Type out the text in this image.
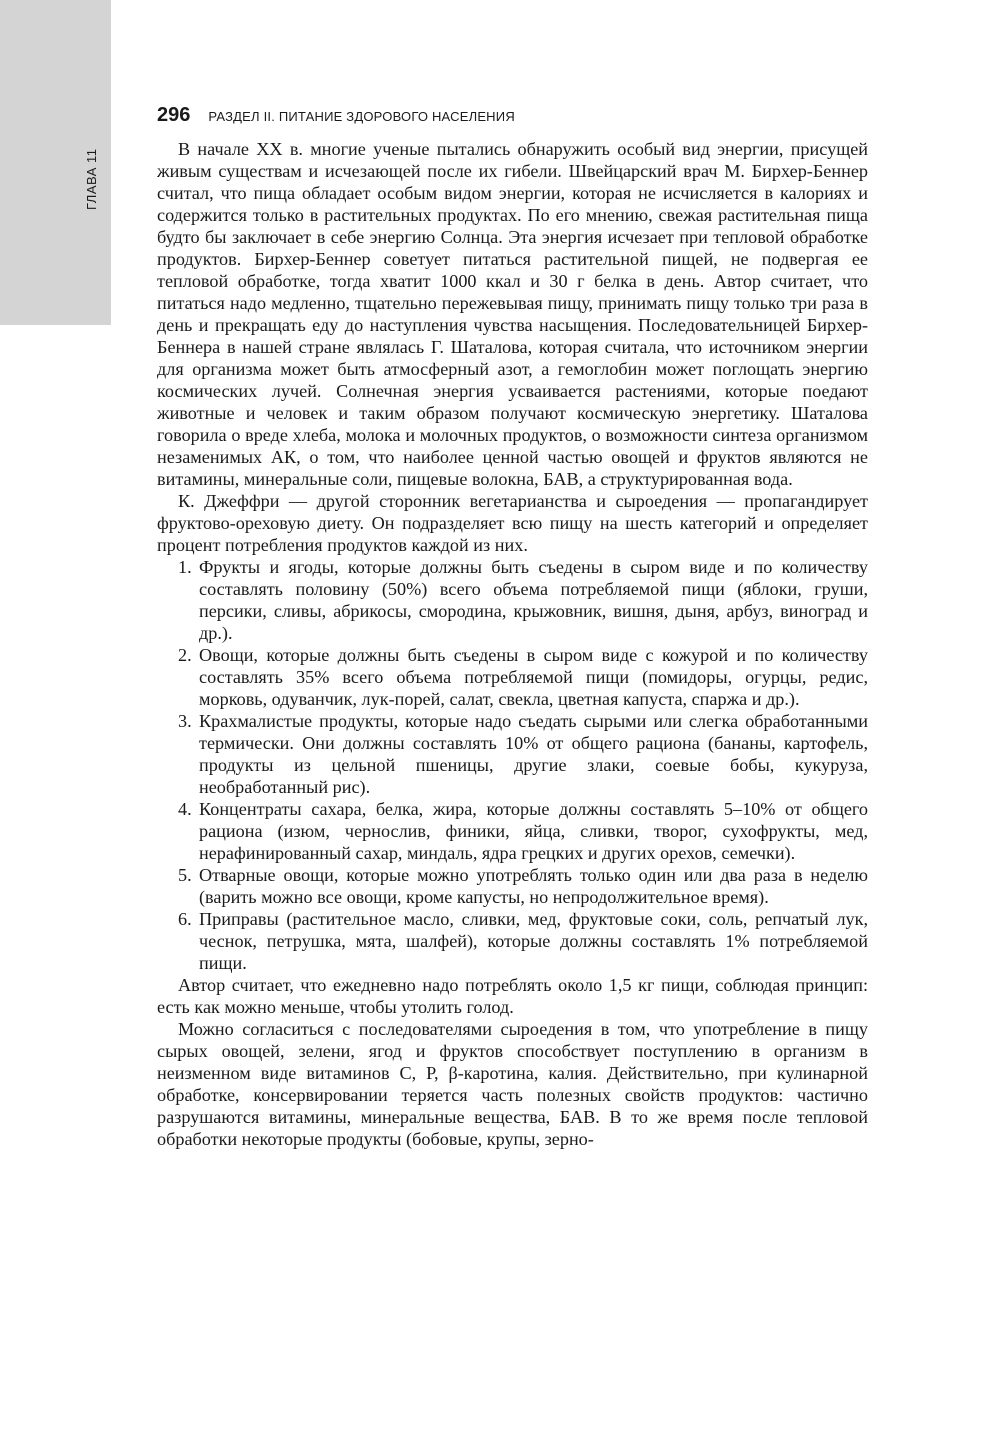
ГЛАВА 11
296 РАЗДЕЛ II. ПИТАНИЕ ЗДОРОВОГО НАСЕЛЕНИЯ

В начале XX в. многие ученые пытались обнаружить особый вид энергии, присущей живым существам и исчезающей после их гибели. Швейцарский врач М. Бирхер-Беннер считал, что пища обладает особым видом энергии, которая не исчисляется в калориях и содержится только в растительных продуктах. По его мнению, свежая растительная пища будто бы заключает в себе энергию Солнца. Эта энергия исчезает при тепловой обработке продуктов. Бирхер-Беннер советует питаться растительной пищей, не подвергая ее тепловой обработке, тогда хватит 1000 ккал и 30 г белка в день. Автор считает, что питаться надо медленно, тщательно пережевывая пищу, принимать пищу только три раза в день и прекращать еду до наступления чувства насыщения. Последовательницей Бирхер-Беннера в нашей стране являлась Г. Шаталова, которая считала, что источником энергии для организма может быть атмосферный азот, а гемоглобин может поглощать энергию космических лучей. Солнечная энергия усваивается растениями, которые поедают животные и человек и таким образом получают космическую энергетику. Шаталова говорила о вреде хлеба, молока и молочных продуктов, о возможности синтеза организмом незаменимых АК, о том, что наиболее ценной частью овощей и фруктов являются не витамины, минеральные соли, пищевые волокна, БАВ, а структурированная вода.

К. Джеффри — другой сторонник вегетарианства и сыроедения — пропагандирует фруктово-ореховую диету. Он подразделяет всю пищу на шесть категорий и определяет процент потребления продуктов каждой из них.

1. Фрукты и ягоды, которые должны быть съедены в сыром виде и по количеству составлять половину (50%) всего объема потребляемой пищи (яблоки, груши, персики, сливы, абрикосы, смородина, крыжовник, вишня, дыня, арбуз, виноград и др.).
2. Овощи, которые должны быть съедены в сыром виде с кожурой и по количеству составлять 35% всего объема потребляемой пищи (помидоры, огурцы, редис, морковь, одуванчик, лук-порей, салат, свекла, цветная капуста, спаржа и др.).
3. Крахмалистые продукты, которые надо съедать сырыми или слегка обработанными термически. Они должны составлять 10% от общего рациона (бананы, картофель, продукты из цельной пшеницы, другие злаки, соевые бобы, кукуруза, необработанный рис).
4. Концентраты сахара, белка, жира, которые должны составлять 5–10% от общего рациона (изюм, чернослив, финики, яйца, сливки, творог, сухофрукты, мед, нерафинированный сахар, миндаль, ядра грецких и других орехов, семечки).
5. Отварные овощи, которые можно употреблять только один или два раза в неделю (варить можно все овощи, кроме капусты, но непродолжительное время).
6. Приправы (растительное масло, сливки, мед, фруктовые соки, соль, репчатый лук, чеснок, петрушка, мята, шалфей), которые должны составлять 1% потребляемой пищи.

Автор считает, что ежедневно надо потреблять около 1,5 кг пищи, соблюдая принцип: есть как можно меньше, чтобы утолить голод.

Можно согласиться с последователями сыроедения в том, что употребление в пищу сырых овощей, зелени, ягод и фруктов способствует поступлению в организм в неизменном виде витаминов С, Р, β-каротина, калия. Действительно, при кулинарной обработке, консервировании теряется часть полезных свойств продуктов: частично разрушаются витамины, минеральные вещества, БАВ. В то же время после тепловой обработки некоторые продукты (бобовые, крупы, зерно-
